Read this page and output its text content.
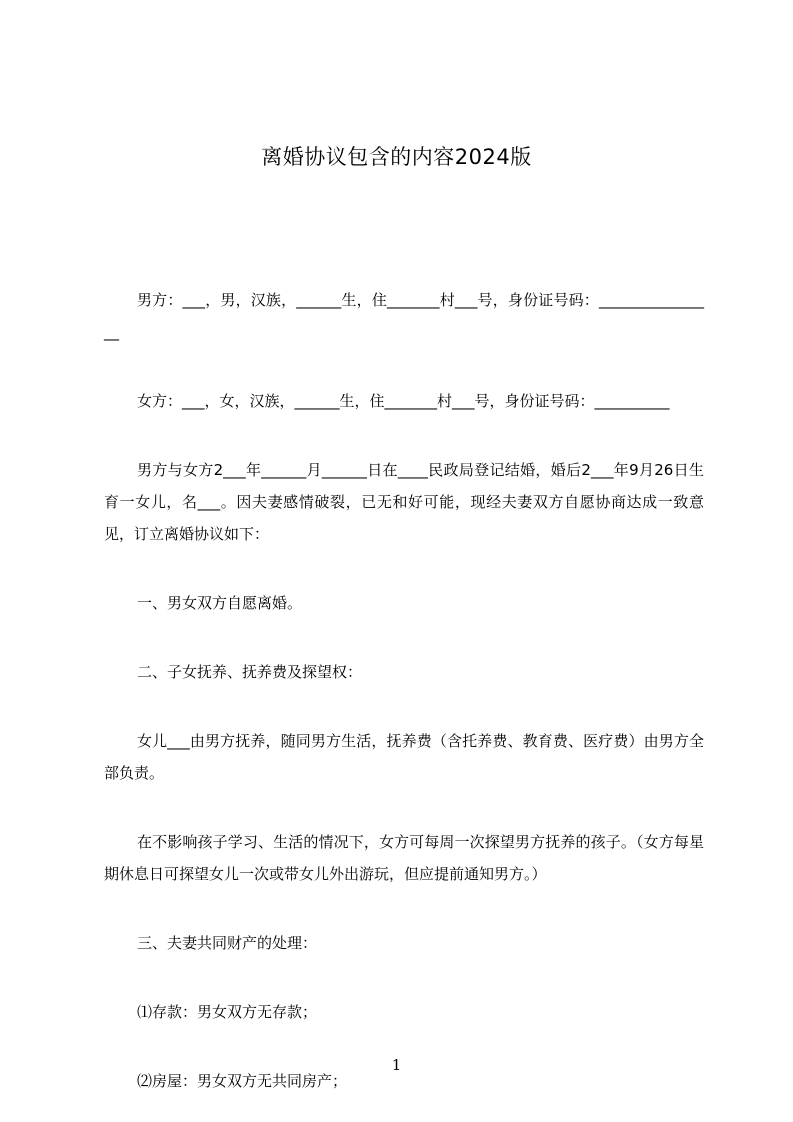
离婚协议包含的内容2024版

男方：___，男，汉族，______生，住_______村___号，身份证号码：________________

女方：___，女，汉族，______生，住_______村___号，身份证号码：__________

男方与女方2___年______月______日在____民政局登记结婚，婚后2___年9月26日生育一女儿，名___。因夫妻感情破裂，已无和好可能，现经夫妻双方自愿协商达成一致意见，订立离婚协议如下：

一、男女双方自愿离婚。

二、子女抚养、抚养费及探望权：

女儿___由男方抚养，随同男方生活，抚养费（含托养费、教育费、医疗费）由男方全部负责。

在不影响孩子学习、生活的情况下，女方可每周一次探望男方抚养的孩子。（女方每星期休息日可探望女儿一次或带女儿外出游玩，但应提前通知男方。）

三、夫妻共同财产的处理：

⑴存款：男女双方无存款；

⑵房屋：男女双方无共同房产；

1
